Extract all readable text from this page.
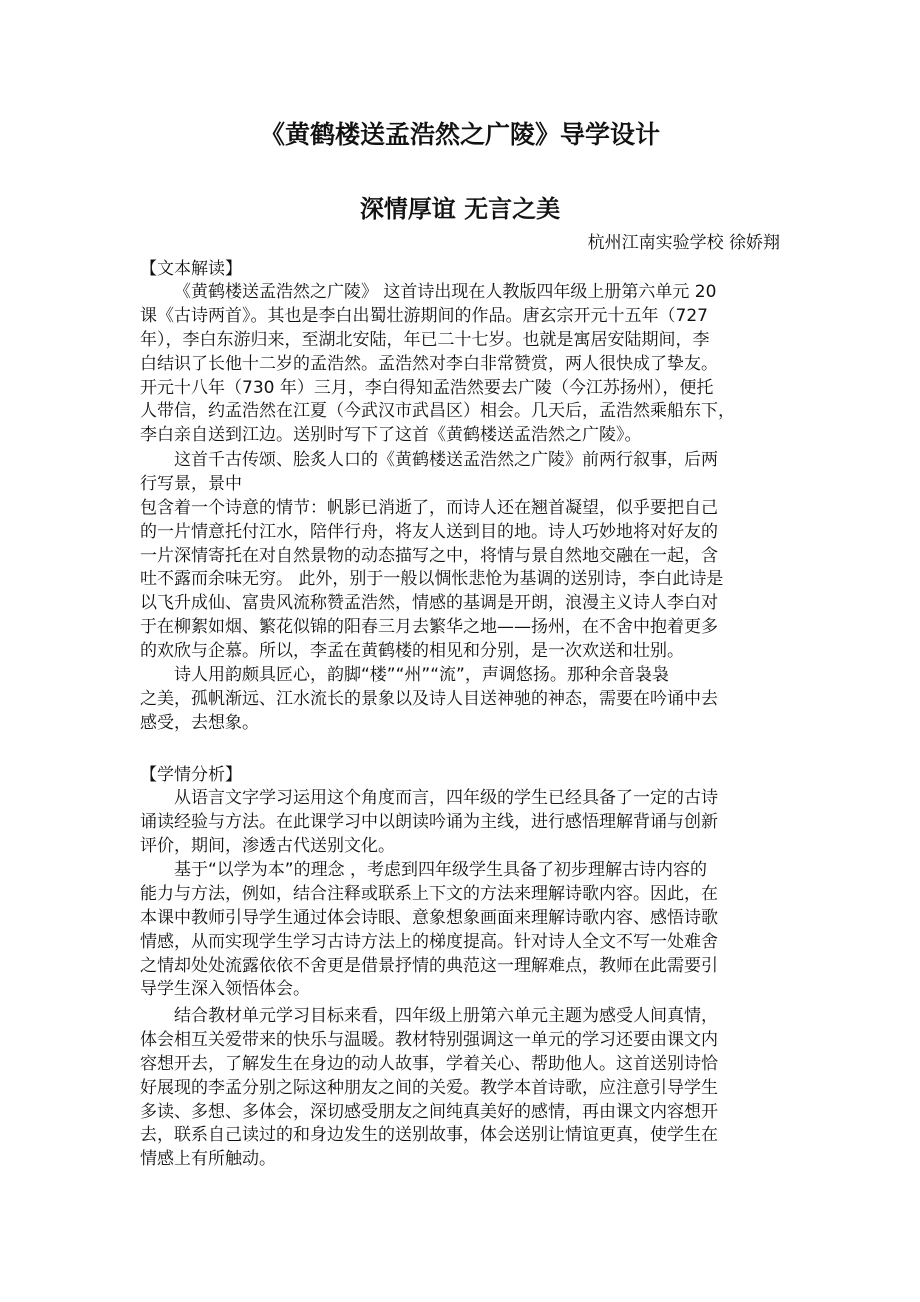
《黄鹤楼送孟浩然之广陵》导学设计
深情厚谊 无言之美
杭州江南实验学校 徐娇翔
【文本解读】
《黄鹤楼送孟浩然之广陵》 这首诗出现在人教版四年级上册第六单元 20
课《古诗两首》。其也是李白出蜀壮游期间的作品。唐玄宗开元十五年（727
年），李白东游归来，至湖北安陆，年已二十七岁。也就是寓居安陆期间，李
白结识了长他十二岁的孟浩然。孟浩然对李白非常赞赏，两人很快成了挚友。
开元十八年（730 年）三月，李白得知孟浩然要去广陵（今江苏扬州），便托
人带信，约孟浩然在江夏（今武汉市武昌区）相会。几天后，孟浩然乘船东下，
李白亲自送到江边。送别时写下了这首《黄鹤楼送孟浩然之广陵》。
这首千古传颂、脍炙人口的《黄鹤楼送孟浩然之广陵》前两行叙事，后两
行写景，景中
包含着一个诗意的情节：帆影已消逝了，而诗人还在翘首凝望，似乎要把自己
的一片情意托付江水，陪伴行舟，将友人送到目的地。诗人巧妙地将对好友的
一片深情寄托在对自然景物的动态描写之中，将情与景自然地交融在一起，含
吐不露而余味无穷。 此外，别于一般以惆怅悲怆为基调的送别诗，李白此诗是
以飞升成仙、富贵风流称赞孟浩然，情感的基调是开朗，浪漫主义诗人李白对
于在柳絮如烟、繁花似锦的阳春三月去繁华之地——扬州，在不舍中抱着更多
的欢欣与企慕。所以，李孟在黄鹤楼的相见和分别，是一次欢送和壮别。
诗人用韵颇具匠心，韵脚“楼”“州”“流”，声调悠扬。那种余音袅袅
之美，孤帆渐远、江水流长的景象以及诗人目送神驰的神态，需要在吟诵中去
感受，去想象。
【学情分析】
从语言文字学习运用这个角度而言，四年级的学生已经具备了一定的古诗
诵读经验与方法。在此课学习中以朗读吟诵为主线，进行感悟理解背诵与创新
评价，期间，渗透古代送别文化。
基于“以学为本”的理念 ，考虑到四年级学生具备了初步理解古诗内容的
能力与方法，例如，结合注释或联系上下文的方法来理解诗歌内容。因此，在
本课中教师引导学生通过体会诗眼、意象想象画面来理解诗歌内容、感悟诗歌
情感，从而实现学生学习古诗方法上的梯度提高。针对诗人全文不写一处难舍
之情却处处流露依依不舍更是借景抒情的典范这一理解难点，教师在此需要引
导学生深入领悟体会。
结合教材单元学习目标来看，四年级上册第六单元主题为感受人间真情，
体会相互关爱带来的快乐与温暖。教材特别强调这一单元的学习还要由课文内
容想开去，了解发生在身边的动人故事，学着关心、帮助他人。这首送别诗恰
好展现的李孟分别之际这种朋友之间的关爱。教学本首诗歌，应注意引导学生
多读、多想、多体会，深切感受朋友之间纯真美好的感情，再由课文内容想开
去，联系自己读过的和身边发生的送别故事，体会送别让情谊更真，使学生在
情感上有所触动。
